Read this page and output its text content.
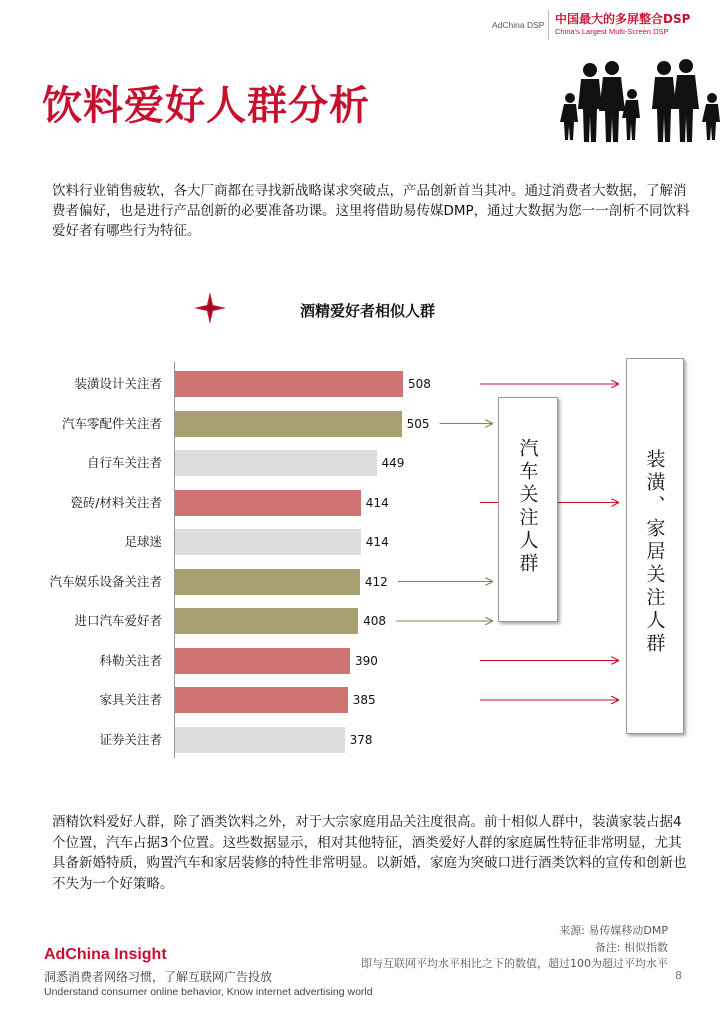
AdChina DSP 中国最大的多屏整合DSP
China's Largest Multi-Screen DSP
饮料爱好人群分析

饮料行业销售疲软，各大厂商都在寻找新战略谋求突破点，产品创新首当其冲。通过消费者大数据，了解消费者偏好，也是进行产品创新的必要准备功课。这里将借助易传媒DMP，通过大数据为您一一剖析不同饮料爱好者有哪些行为特征。

酒精爱好者相似人群
装潢设计关注者	508
汽车零配件关注者	505
自行车关注者	449
瓷砖/材料关注者	414
足球迷	414
汽车娱乐设备关注者	412
进口汽车爱好者	408
科勒关注者	390
家具关注者	385
证券关注者	378
汽车关注人群	装潢、家居关注人群

酒精饮料爱好人群，除了酒类饮料之外，对于大宗家庭用品关注度很高。前十相似人群中，装潢家装占据4个位置，汽车占据3个位置。这些数据显示，相对其他特征，酒类爱好人群的家庭属性特征非常明显，尤其具备新婚特质，购置汽车和家居装修的特性非常明显。以新婚，家庭为突破口进行酒类饮料的宣传和创新也不失为一个好策略。

来源: 易传媒移动DMP
备注: 相似指数
即与互联网平均水平相比之下的数值，超过100为超过平均水平
8
AdChina Insight
洞悉消费者网络习惯，了解互联网广告投放
Understand consumer online behavior, Know internet advertising world
